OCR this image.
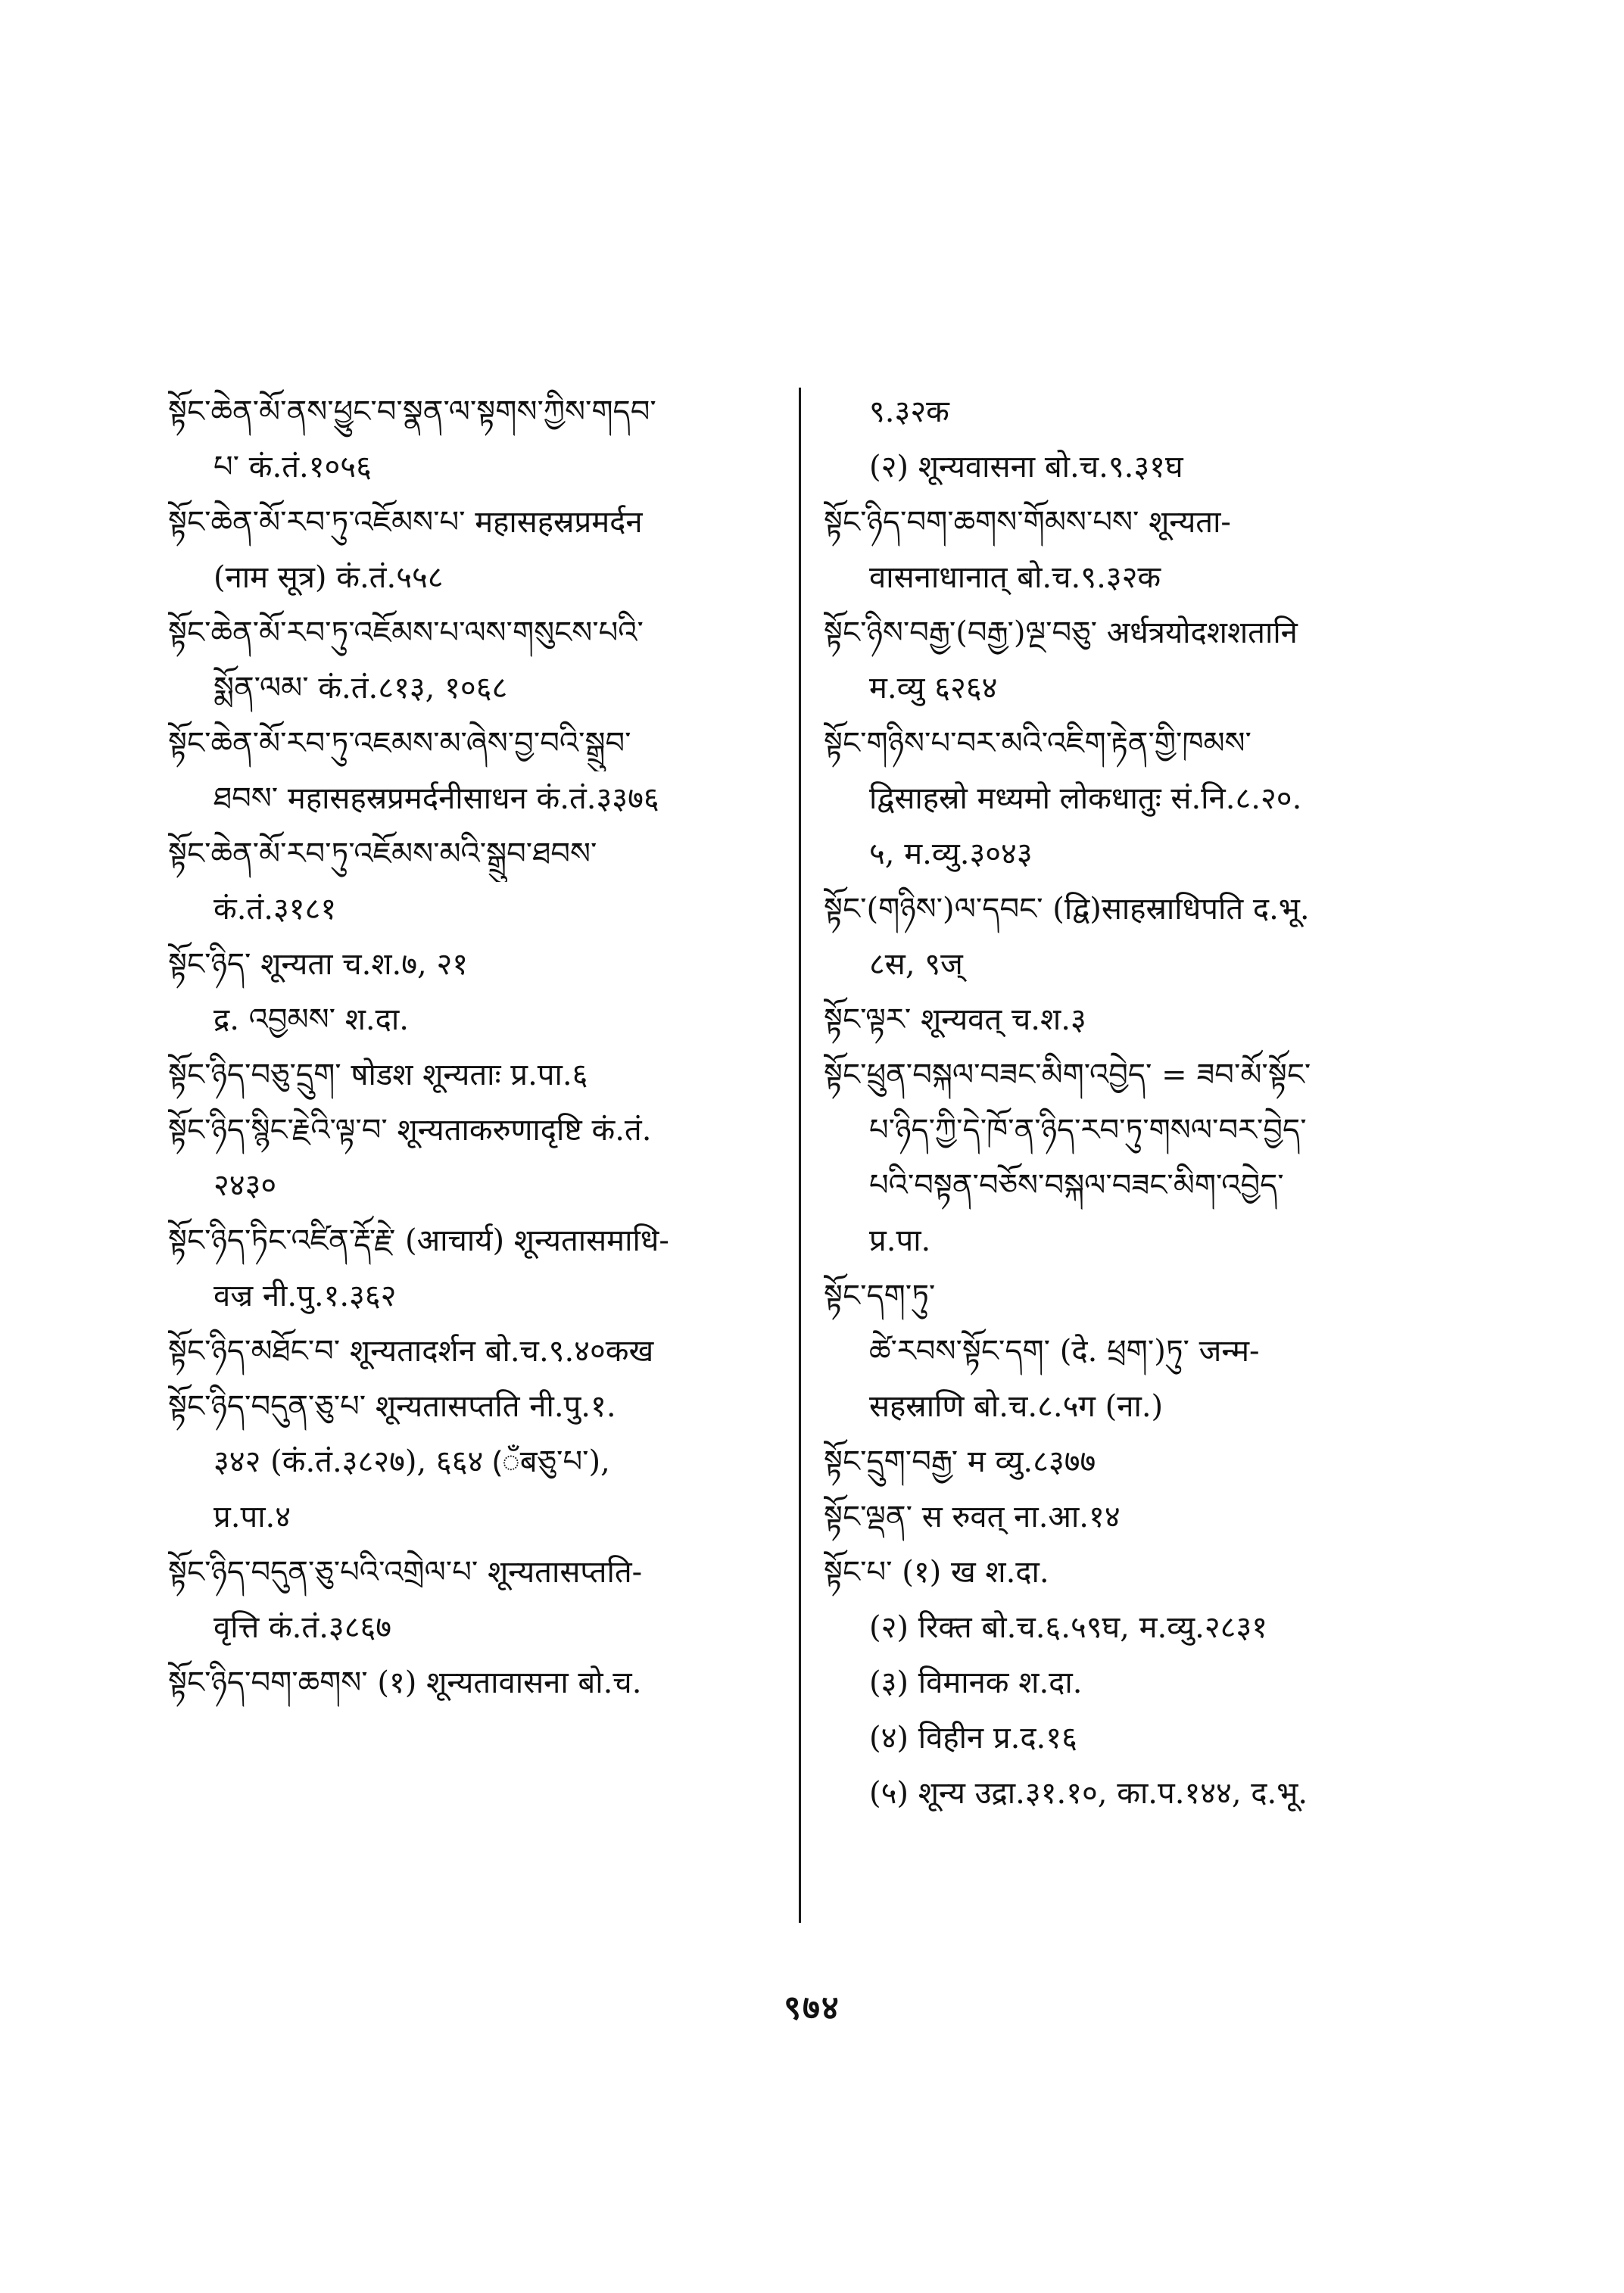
སྟོང་ཆེན་མོ་ནས་ཕྱུང་བ་སྣན་ལ་སྟགས་ཀྱིས་གདབ་
པ་ कं.तं.१०५६
སྟོང་ཆེན་མོ་རབ་ཏུ་འཇོམས་པ་ महासहस्रप्रमर्दन
(नाम सूत्र) कं.तं.५५८
སྟོང་ཆེན་མོ་རབ་ཏུ་འཇོམས་པ་ལས་གསུངས་པའི་
སྨོན་ལམ་ कं.तं.८१३, १०६८
སྟོང་ཆེན་མོ་རབ་ཏུ་འཇམས་མ་ཞེས་བྱ་བའི་སྒྲུབ་
ཐབས་ महासहस्रप्रमर्दनीसाधन कं.तं.३३७६
སྟོང་ཆེན་མོ་རབ་ཏུ་འཇོམས་མའི་སྒྲུབ་ཐབས་
कं.तं.३१८१
སྟོང་ཉིད་ शून्यता च.श.७, २१
द्र. འབྱམས་ श.दा.
སྟོང་ཉིད་བཅུ་དྲུག་ षोडश शून्यताः प्र.पा.६
སྟོང་ཉིད་སྙིང་རྗེའི་ལྟ་བ་ शून्यताकरुणादृष्टि कं.तं.
२४३०
སྟོང་ཉིད་ཏིང་འཛིན་རྡོ་རྗེ་ (आचार्य) शून्यतासमाधि-
वज्र नी.पु.१.३६२
སྟོང་ཉིད་མཐོང་བ་ शून्यतादर्शन बो.च.९.४०कख
སྟོང་ཉིད་བདུན་ཅུ་པ་ शून्यतासप्तति नी.पु.१.
३४२ (कं.तं.३८२७), ६६४ (ँबཅུ་པ་),
प्र.पा.४
སྟོང་ཉིད་བདུན་ཅུ་པའི་འགྲེལ་པ་ शून्यतासप्तति-
वृत्ति कं.तं.३८६७
སྟོང་ཉིད་བག་ཆགས་ (१) शून्यतावासना बो.च.
९.३२क
(२) शून्यवासना बो.च.९.३१घ
སྟོང་ཉིད་བག་ཆགས་གོམས་པས་ शून्यता-
वासनाधानात् बो.च.९.३२क
སྟོང་ཉིས་བརྒྱ་(བརྒྱ་)ལྔ་བཅུ་ अर्धत्रयोदशशतानि
म.व्यु ६२६४
སྟོང་གཉིས་པ་བར་མའི་འཇིག་རྟེན་གྱི་ཁམས་
द्विसाहस्रो मध्यमो लोकधातुः सं.नि.८.२०.
५, म.व्यु.३०४३
སྟོང་(གཉིས་)ལ་དབང་ (द्वि)साहस्राधिपति द.भू.
८स, ९ज्
སྟོང་ལྟར་ शून्यवत् च.श.३
སྟོང་ཕྲུན་བསྐལ་བཟང་མིག་འབྱེད་ = ཟབ་མོ་སྟོང་
པ་ཉིད་ཀྱི་དེ་ཁོ་ན་ཉིད་རབ་ཏུ་གསལ་བར་བྱེད་
པའི་བསྟན་བཅོས་བསྐལ་བཟང་མིག་འབྱེད་
प्र.पा.
སྟོང་དག་ཏུ་
ཚེ་རབས་སྟོང་དག་ (दे. ཕྲག་)ཏུ་ जन्म-
सहस्राणि बो.च.८.५ग (ना.)
སྟོང་དྲུག་བརྒྱ་ म व्यु.८३७७
སྟོང་ལྡན་ स रुवत् ना.आ.१४
སྟོང་པ་ (१) ख श.दा.
(२) रिक्त बो.च.६.५९घ, म.व्यु.२८३१
(३) विमानक श.दा.
(४) विहीन प्र.द.१६
(५) शून्य उद्रा.३१.१०, का.प.१४४, द.भू.
९७४
